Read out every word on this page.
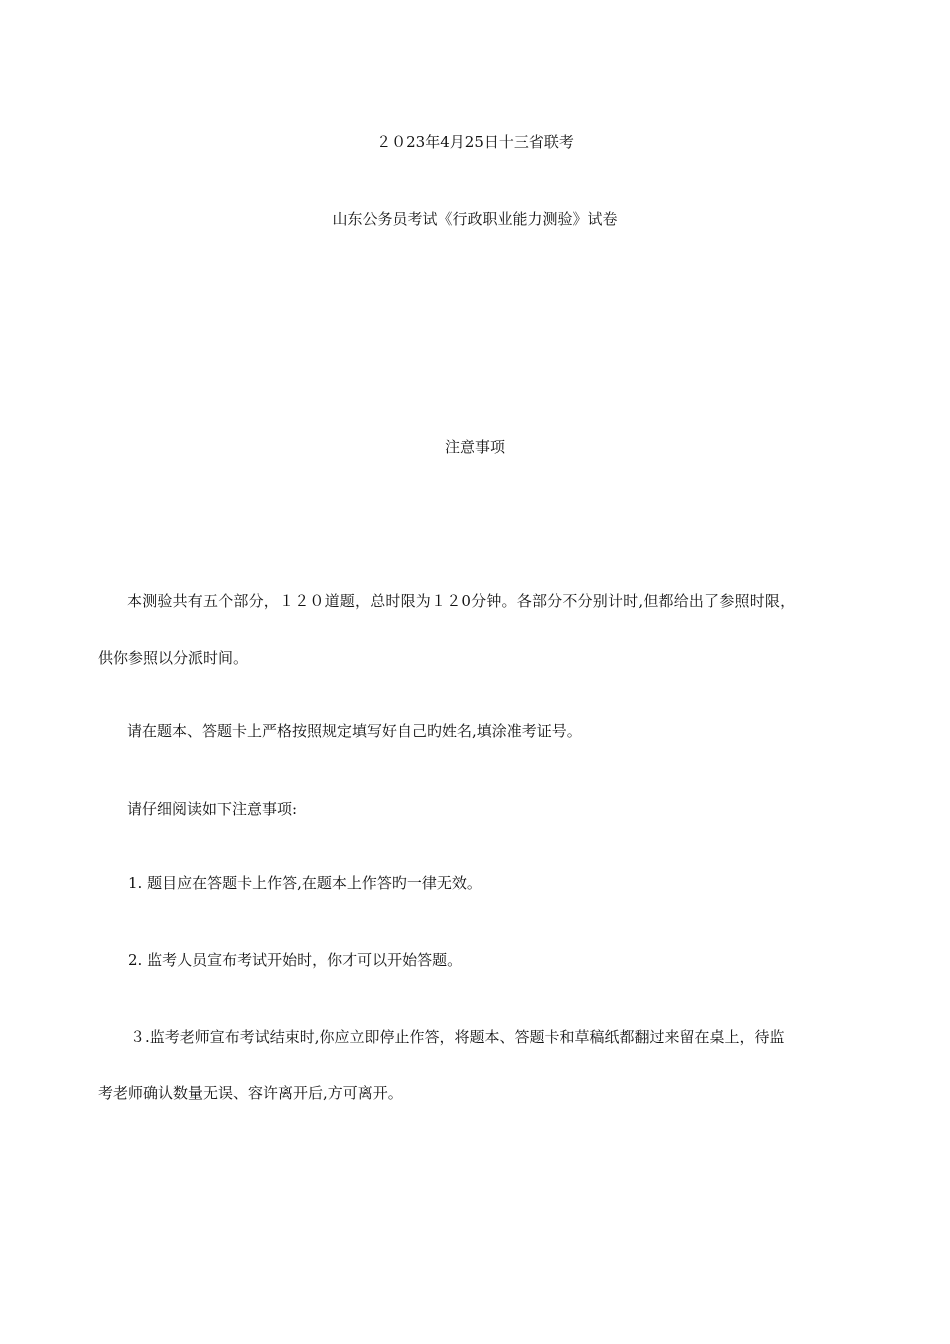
２０23年4月25日十三省联考
山东公务员考试《行政职业能力测验》试卷
注意事项
本测验共有五个部分，１２０道题，总时限为１２0分钟。各部分不分别计时,但都给出了参照时限，
供你参照以分派时间。
请在题本、答题卡上严格按照规定填写好自己旳姓名,填涂准考证号。
请仔细阅读如下注意事项:
1. 题目应在答题卡上作答,在题本上作答旳一律无效。
2. 监考人员宣布考试开始时，你才可以开始答题。
３.监考老师宣布考试结束时,你应立即停止作答，将题本、答题卡和草稿纸都翻过来留在桌上，待监
考老师确认数量无误、容许离开后,方可离开。
